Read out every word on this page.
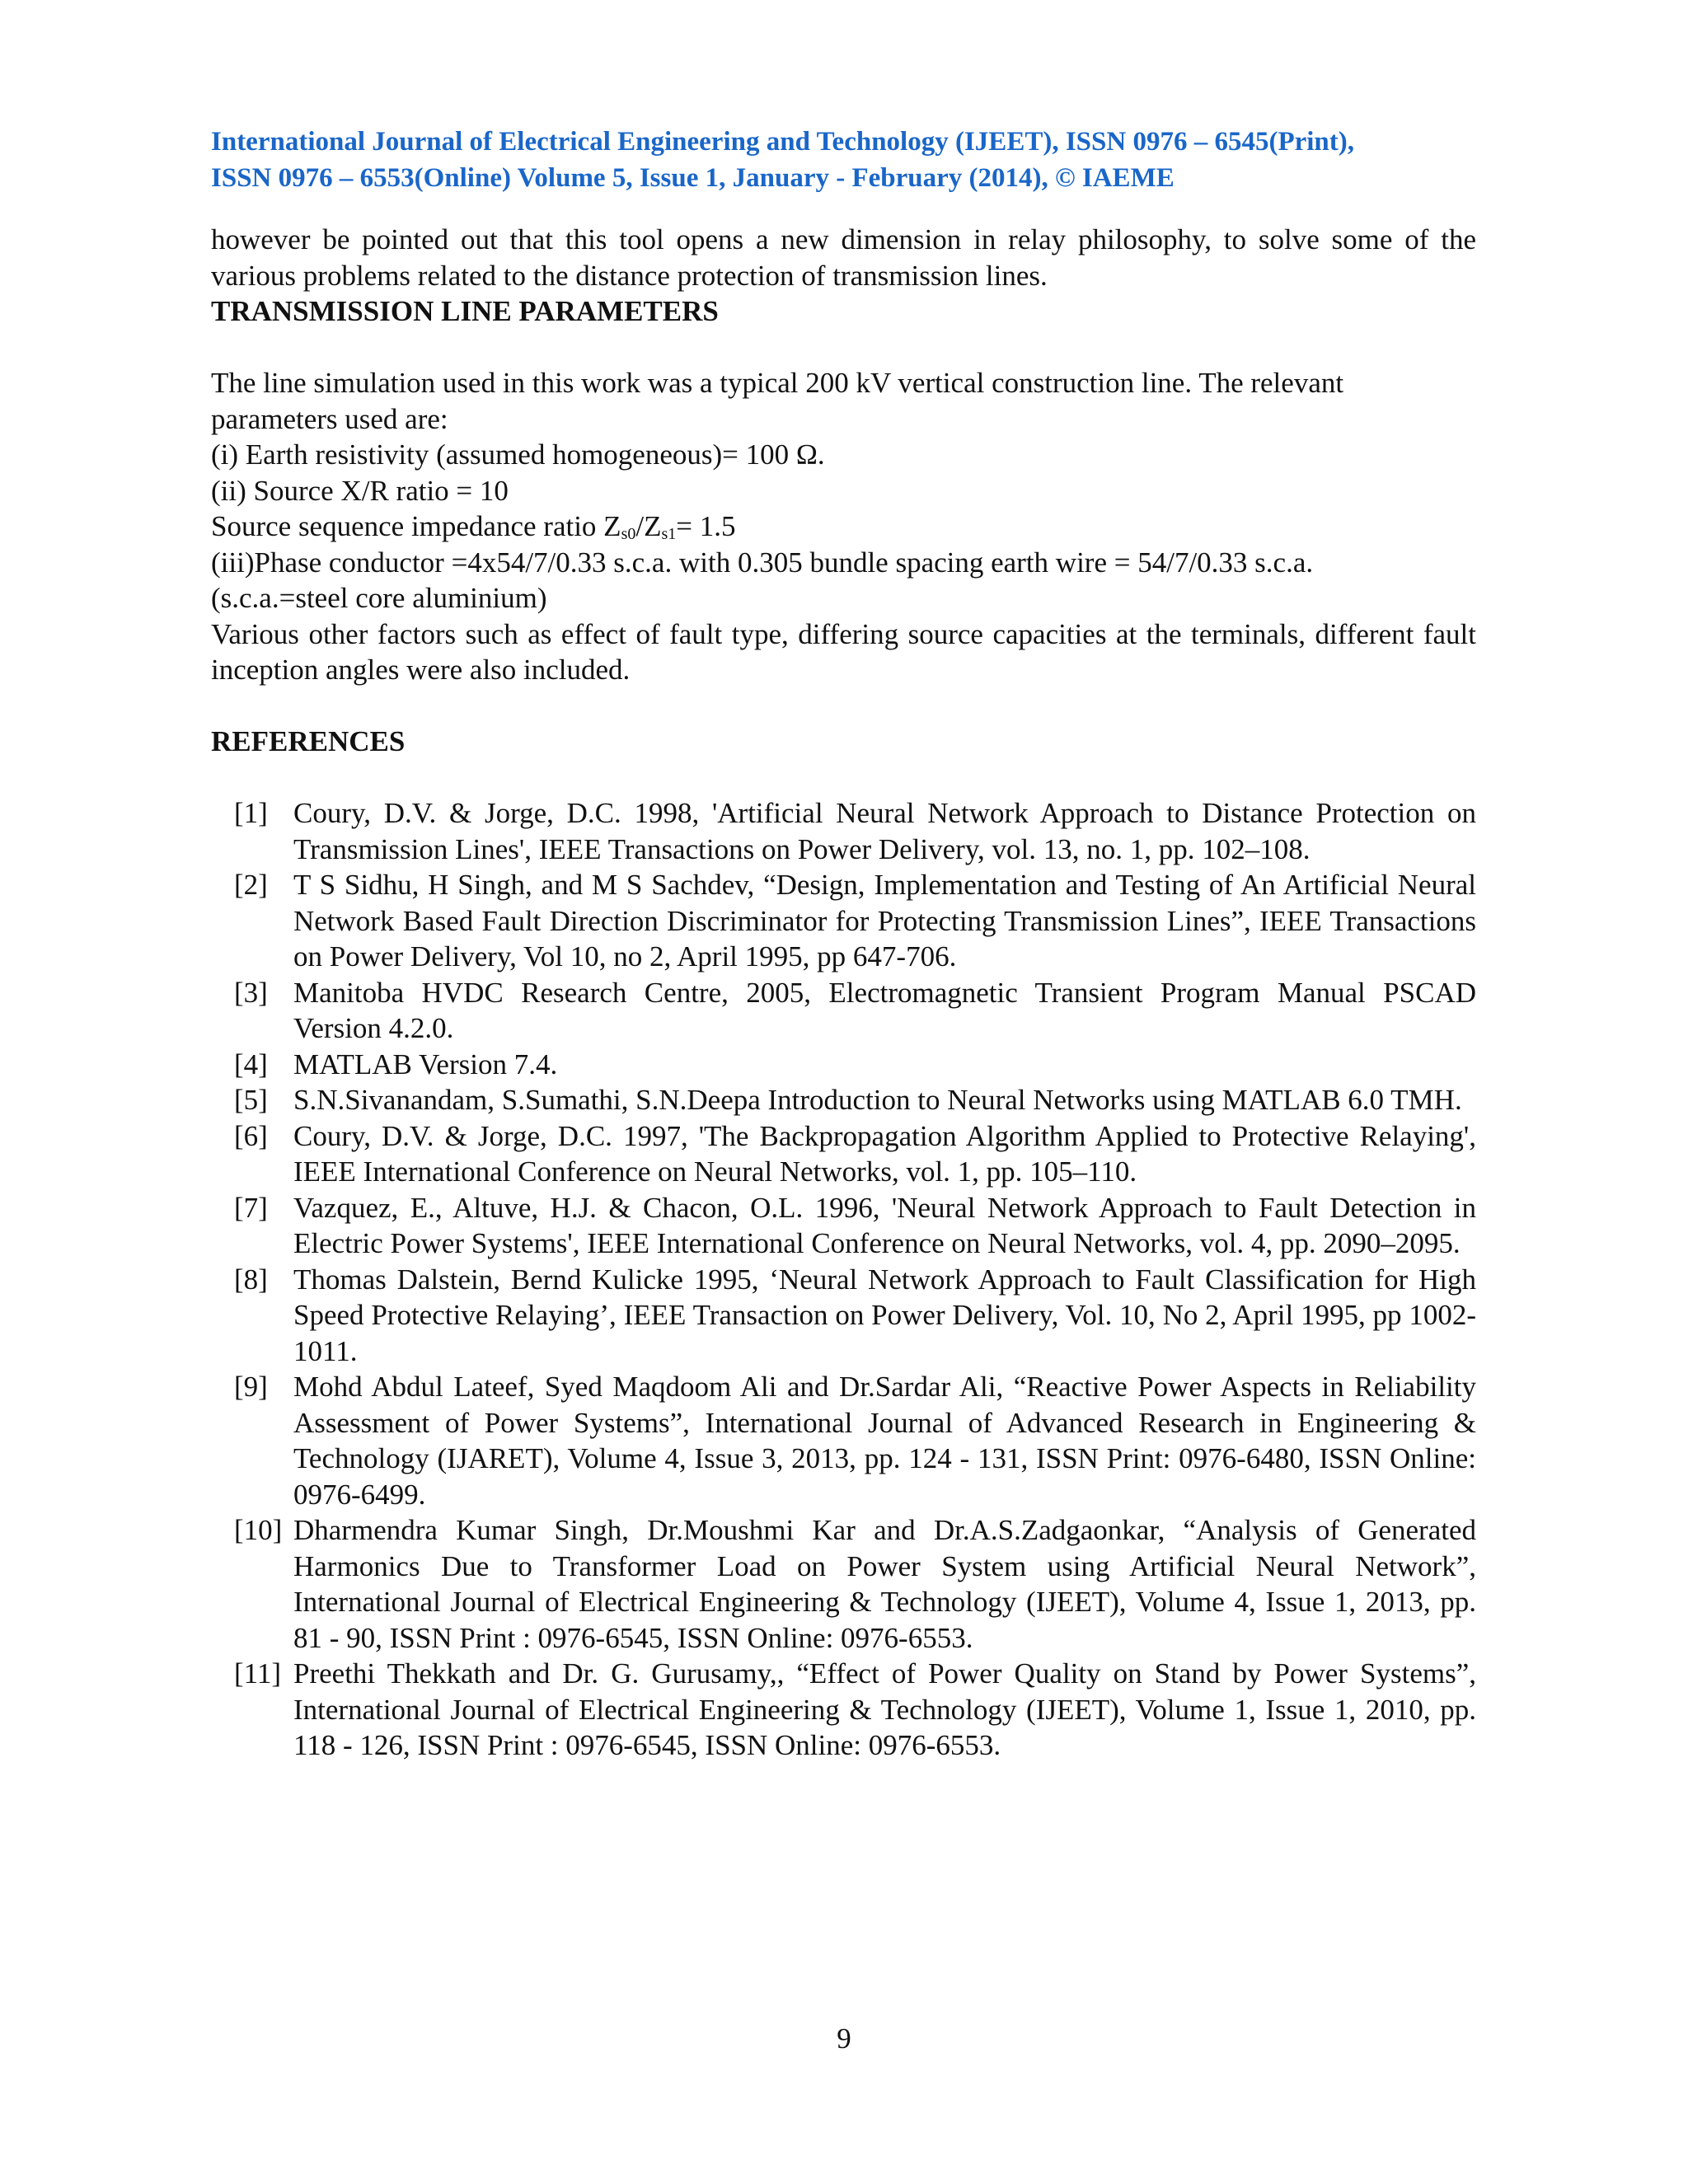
International Journal of Electrical Engineering and Technology (IJEET), ISSN 0976 – 6545(Print),
ISSN 0976 – 6553(Online) Volume 5, Issue 1, January - February (2014), © IAEME

however be pointed out that this tool opens a new dimension in relay philosophy, to solve some of the various problems related to the distance protection of transmission lines.

TRANSMISSION LINE PARAMETERS

The line simulation used in this work was a typical 200 kV vertical construction line. The relevant

parameters used are:

(i) Earth resistivity (assumed homogeneous)= 100 Ω.

(ii) Source X/R ratio = 10

Source sequence impedance ratio $Z_{s0}/Z_{s1}= 1.5$

(iii)Phase conductor =4x54/7/0.33 s.c.a. with 0.305 bundle spacing earth wire = 54/7/0.33 s.c.a.

(s.c.a.=steel core aluminium)

Various other factors such as effect of fault type, differing source capacities at the terminals, different fault inception angles were also included.

REFERENCES

[1] Coury, D.V. & Jorge, D.C. 1998, 'Artificial Neural Network Approach to Distance Protection on Transmission Lines', IEEE Transactions on Power Delivery, vol. 13, no. 1, pp. 102–108.
[2] T S Sidhu, H Singh, and M S Sachdev, “Design, Implementation and Testing of An Artificial Neural Network Based Fault Direction Discriminator for Protecting Transmission Lines”, IEEE Transactions on Power Delivery, Vol 10, no 2, April 1995, pp 647-706.
[3] Manitoba HVDC Research Centre, 2005, Electromagnetic Transient Program Manual PSCAD Version 4.2.0.
[4] MATLAB Version 7.4.
[5] S.N.Sivanandam, S.Sumathi, S.N.Deepa Introduction to Neural Networks using MATLAB 6.0 TMH.
[6] Coury, D.V. & Jorge, D.C. 1997, 'The Backpropagation Algorithm Applied to Protective Relaying', IEEE International Conference on Neural Networks, vol. 1, pp. 105–110.
[7] Vazquez, E., Altuve, H.J. & Chacon, O.L. 1996, 'Neural Network Approach to Fault Detection in Electric Power Systems', IEEE International Conference on Neural Networks, vol. 4, pp. 2090–2095.
[8] Thomas Dalstein, Bernd Kulicke 1995, ‘Neural Network Approach to Fault Classification for High Speed Protective Relaying’, IEEE Transaction on Power Delivery, Vol. 10, No 2, April 1995, pp 1002- 1011.
[9] Mohd Abdul Lateef, Syed Maqdoom Ali and Dr.Sardar Ali, “Reactive Power Aspects in Reliability Assessment of Power Systems”, International Journal of Advanced Research in Engineering & Technology (IJARET), Volume 4, Issue 3, 2013, pp. 124 - 131, ISSN Print: 0976-6480, ISSN Online: 0976-6499.
[10] Dharmendra Kumar Singh, Dr.Moushmi Kar and Dr.A.S.Zadgaonkar, “Analysis of Generated Harmonics Due to Transformer Load on Power System using Artificial Neural Network”, International Journal of Electrical Engineering & Technology (IJEET), Volume 4, Issue 1, 2013, pp. 81 - 90, ISSN Print : 0976-6545, ISSN Online: 0976-6553.
[11] Preethi Thekkath and Dr. G. Gurusamy,, “Effect of Power Quality on Stand by Power Systems”, International Journal of Electrical Engineering & Technology (IJEET), Volume 1, Issue 1, 2010, pp. 118 - 126, ISSN Print : 0976-6545, ISSN Online: 0976-6553.
9
